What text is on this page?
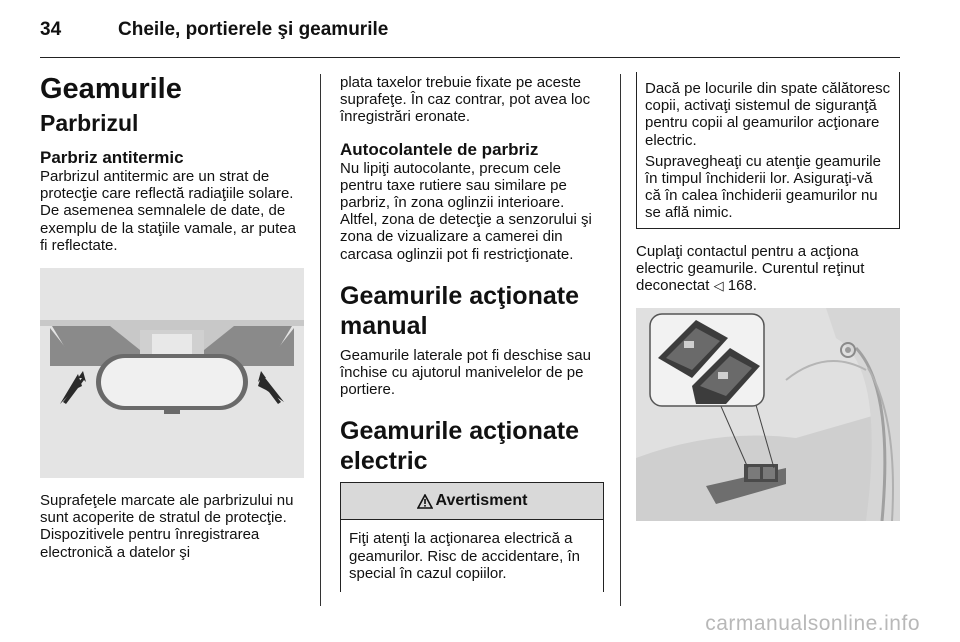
34	Cheile, portierele şi geamurile
Geamurile
Parbrizul
Parbriz antitermic

Parbrizul antitermic are un strat de protecţie care reflectă radiaţiile solare. De asemenea semnalele de date, de exemplu de la staţiile vamale, ar putea fi reflectate.

Suprafeţele marcate ale parbrizului nu sunt acoperite de stratul de protecţie. Dispozitivele pentru înregistrarea electronică a datelor şi

plata taxelor trebuie fixate pe aceste suprafeţe. În caz contrar, pot avea loc înregistrări eronate.

Autocolantele de parbriz

Nu lipiţi autocolante, precum cele pentru taxe rutiere sau similare pe parbriz, în zona oglinzii interioare. Altfel, zona de detecţie a senzorului şi zona de vizualizare a camerei din carcasa oglinzii pot fi restricţionate.

Geamurile acţionate manual

Geamurile laterale pot fi deschise sau închise cu ajutorul manivelelor de pe portiere.

Geamurile acţionate electric
Avertisment

Fiţi atenţi la acţionarea electrică a geamurilor. Risc de accidentare, în special în cazul copiilor.

Dacă pe locurile din spate călătoresc copii, activaţi sistemul de siguranţă pentru copii al geamurilor acţionare electric.

Supravegheaţi cu atenţie geamurile în timpul închiderii lor. Asiguraţi-vă că în calea închiderii geamurilor nu se află nimic.

Cuplaţi contactul pentru a acţiona electric geamurile. Curentul reţinut deconectat ◁ 168.

carmanualsonline.info
